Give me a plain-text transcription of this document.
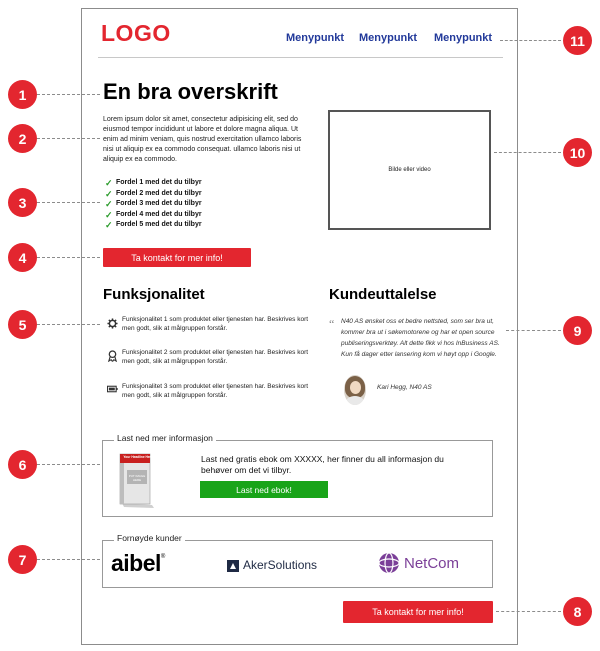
LOGO	Menypunkt Menypunkt Menypunkt
En bra overskrift
Lorem ipsum dolor sit amet, consectetur adipisicing elit, sed do eiusmod tempor incididunt ut labore et dolore magna aliqua. Ut enim ad minim veniam, quis nostrud exercitation ullamco laboris nisi ut aliquip ex ea commodo consequat. ullamco laboris nisi ut aliquip ex ea commodo.
✓ Fordel 1 med det du tilbyr
✓ Fordel 2 med det du tilbyr
✓ Fordel 3 med det du tilbyr
✓ Fordel 4 med det du tilbyr
✓ Fordel 5 med det du tilbyr
Ta kontakt for mer info!
Bilde eller video
Funksjonalitet
Funksjonalitet 1 som produktet eller tjenesten har. Beskrives kort men godt, slik at målgruppen forstår.
Funksjonalitet 2 som produktet eller tjenesten har. Beskrives kort men godt, slik at målgruppen forstår.
Funksjonalitet 3 som produktet eller tjenesten har. Beskrives kort men godt, slik at målgruppen forstår.
Kundeuttalelse
“ N40 AS ønsket oss et bedre nettsted, som ser bra ut, kommer bra ut i søkemotorene og har et open source publiseringsverktøy. Alt dette fikk vi hos InBusiness AS. Kun få dager etter lansering kom vi høyt opp i Google.
Kari Hegg, N40 AS
Last ned mer informasjon
Your Headline Here
PUT IMAGE HERE
Last ned gratis ebok om XXXXX, her finner du all informasjon du behøver om det vi tilbyr.
Last ned ebok!
Fornøyde kunder
aibel ®
AkerSolutions	NetCom
Ta kontakt for mer info!
1
2
3
4
5
6
7
8
9
10
11
